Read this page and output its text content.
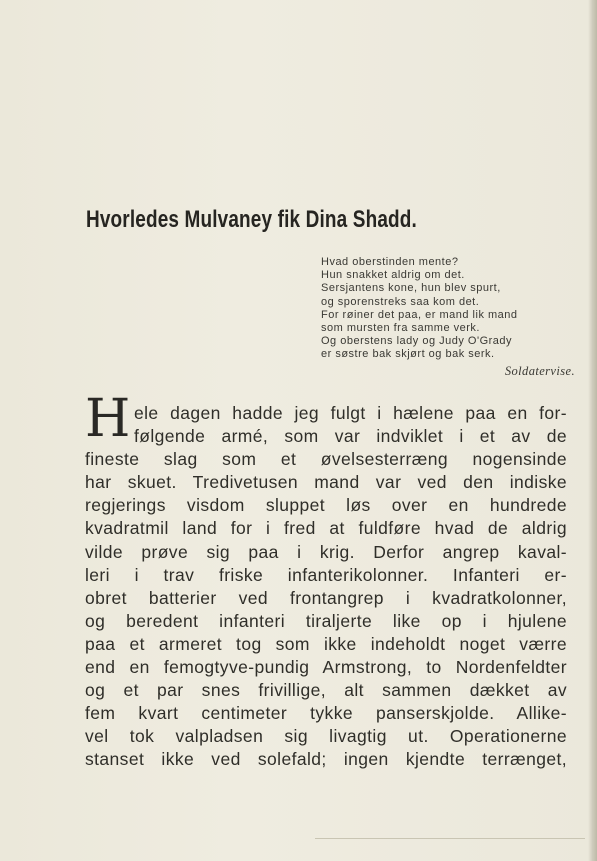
Hvorledes Mulvaney fik Dina Shadd.
Hvad oberstinden mente?
Hun snakket aldrig om det.
Sersjantens kone, hun blev spurt,
og sporenstreks saa kom det.
For røiner det paa, er mand lik mand
som mursten fra samme verk.
Og oberstens lady og Judy O'Grady
er søstre bak skjørt og bak serk.
Soldatervise.
H ele dagen hadde jeg fulgt i hælene paa en for-
følgende armé, som var indviklet i et av de
fineste slag som et øvelsesterræng nogensinde
har skuet. Tredivetusen mand var ved den indiske
regjerings visdom sluppet løs over en hundrede
kvadratmil land for i fred at fuldføre hvad de aldrig
vilde prøve sig paa i krig. Derfor angrep kaval-
leri i trav friske infanterikolonner. Infanteri er-
obret batterier ved frontangrep i kvadratkolonner,
og beredent infanteri tiraljerte like op i hjulene
paa et armeret tog som ikke indeholdt noget værre
end en femogtyve-pundig Armstrong, to Nordenfeldter
og et par snes frivillige, alt sammen dækket av
fem kvart centimeter tykke panserskjolde. Allike-
vel tok valpladsen sig livagtig ut. Operationerne
stanset ikke ved solefald; ingen kjendte terrænget,
